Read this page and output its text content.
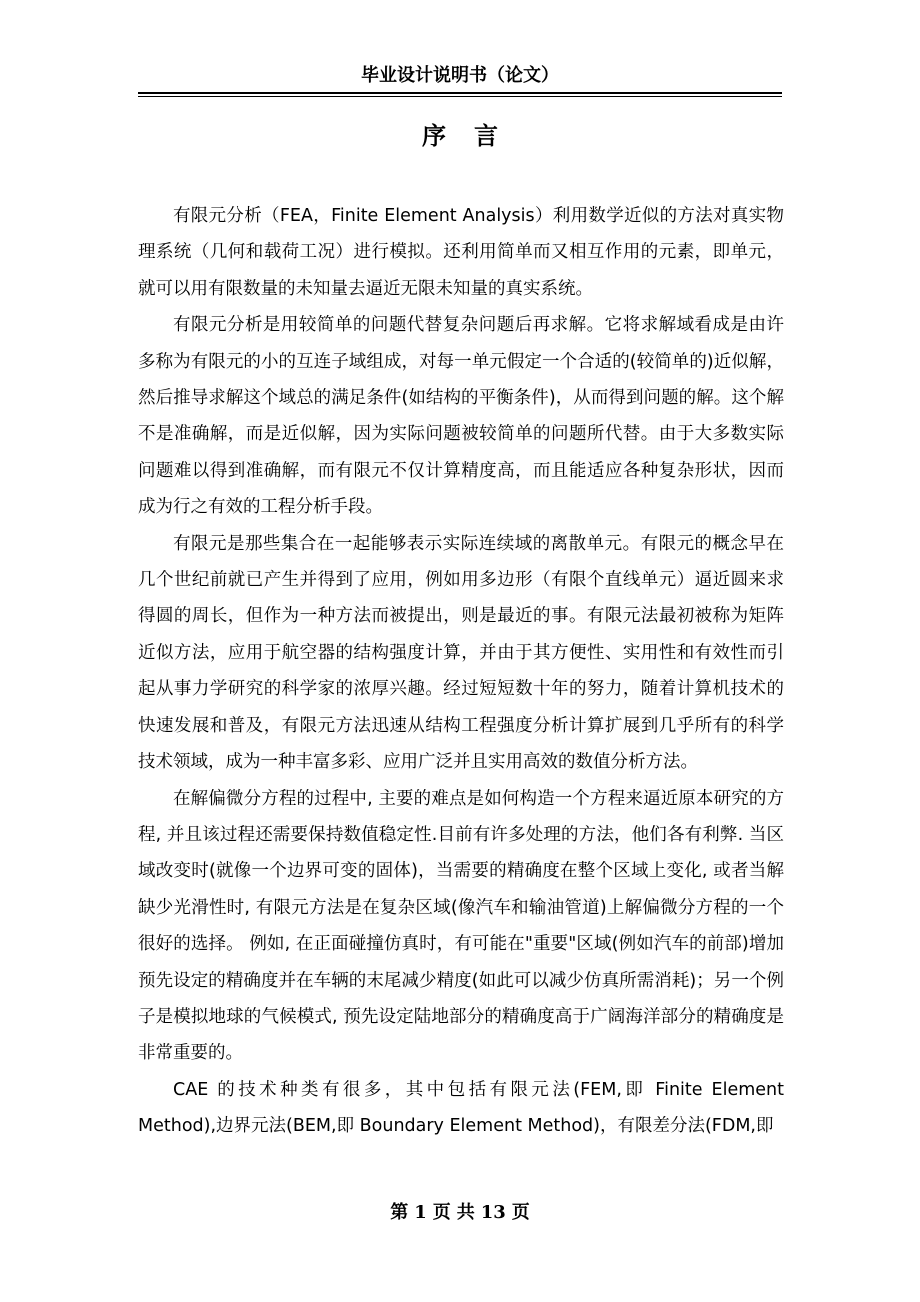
毕业设计说明书（论文）
序 言

有限元分析（FEA，Finite Element Analysis）利用数学近似的方法对真实物理系统（几何和载荷工况）进行模拟。还利用简单而又相互作用的元素，即单元，就可以用有限数量的未知量去逼近无限未知量的真实系统。

有限元分析是用较简单的问题代替复杂问题后再求解。它将求解域看成是由许多称为有限元的小的互连子域组成，对每一单元假定一个合适的(较简单的)近似解，然后推导求解这个域总的满足条件(如结构的平衡条件)，从而得到问题的解。这个解不是准确解，而是近似解，因为实际问题被较简单的问题所代替。由于大多数实际问题难以得到准确解，而有限元不仅计算精度高，而且能适应各种复杂形状，因而成为行之有效的工程分析手段。

有限元是那些集合在一起能够表示实际连续域的离散单元。有限元的概念早在几个世纪前就已产生并得到了应用，例如用多边形（有限个直线单元）逼近圆来求得圆的周长，但作为一种方法而被提出，则是最近的事。有限元法最初被称为矩阵近似方法，应用于航空器的结构强度计算，并由于其方便性、实用性和有效性而引起从事力学研究的科学家的浓厚兴趣。经过短短数十年的努力，随着计算机技术的快速发展和普及，有限元方法迅速从结构工程强度分析计算扩展到几乎所有的科学技术领域，成为一种丰富多彩、应用广泛并且实用高效的数值分析方法。

在解偏微分方程的过程中, 主要的难点是如何构造一个方程来逼近原本研究的方程, 并且该过程还需要保持数值稳定性.目前有许多处理的方法，他们各有利弊. 当区域改变时(就像一个边界可变的固体)，当需要的精确度在整个区域上变化, 或者当解缺少光滑性时, 有限元方法是在复杂区域(像汽车和输油管道)上解偏微分方程的一个很好的选择。 例如, 在正面碰撞仿真时，有可能在"重要"区域(例如汽车的前部)增加预先设定的精确度并在车辆的末尾减少精度(如此可以减少仿真所需消耗)；另一个例子是模拟地球的气候模式, 预先设定陆地部分的精确度高于广阔海洋部分的精确度是非常重要的。

CAE 的技术种类有很多，其中包括有限元法(FEM,即 Finite Element Method),边界元法(BEM,即 Boundary Element Method)，有限差分法(FDM,即

第 1 页 共 13 页
